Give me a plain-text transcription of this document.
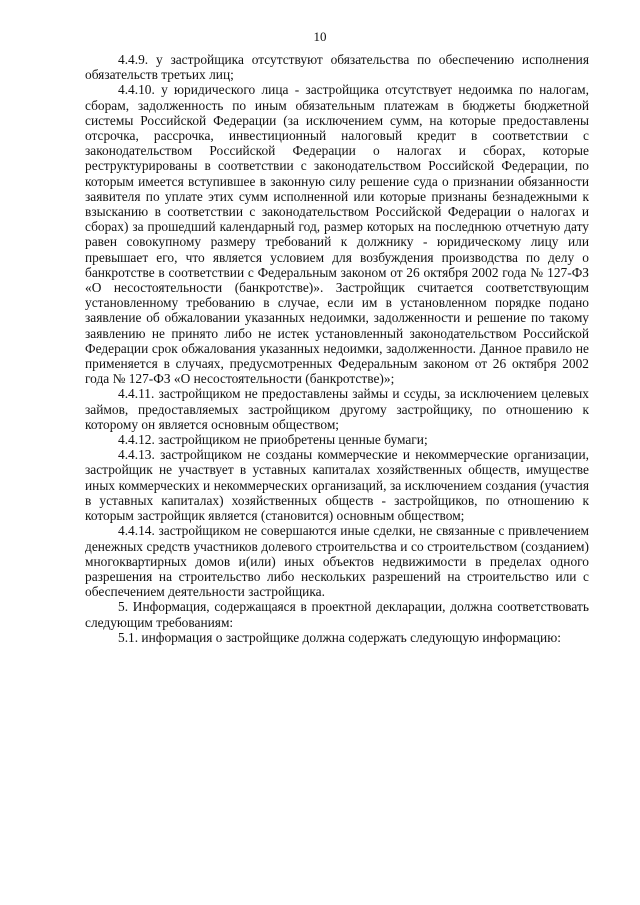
10

4.4.9. у застройщика отсутствуют обязательства по обеспечению исполнения обязательств третьих лиц;

4.4.10. у юридического лица - застройщика отсутствует недоимка по налогам, сборам, задолженность по иным обязательным платежам в бюджеты бюджетной системы Российской Федерации (за исключением сумм, на которые предоставлены отсрочка, рассрочка, инвестиционный налоговый кредит в соответствии с законодательством Российской Федерации о налогах и сборах, которые реструктурированы в соответствии с законодательством Российской Федерации, по которым имеется вступившее в законную силу решение суда о признании обязанности заявителя по уплате этих сумм исполненной или которые признаны безнадежными к взысканию в соответствии с законодательством Российской Федерации о налогах и сборах) за прошедший календарный год, размер которых на последнюю отчетную дату равен совокупному размеру требований к должнику - юридическому лицу или превышает его, что является условием для возбуждения производства по делу о банкротстве в соответствии с Федеральным законом от 26 октября 2002 года № 127-ФЗ «О несостоятельности (банкротстве)». Застройщик считается соответствующим установленному требованию в случае, если им в установленном порядке подано заявление об обжаловании указанных недоимки, задолженности и решение по такому заявлению не принято либо не истек установленный законодательством Российской Федерации срок обжалования указанных недоимки, задолженности. Данное правило не применяется в случаях, предусмотренных Федеральным законом от 26 октября 2002 года № 127-ФЗ «О несостоятельности (банкротстве)»;

4.4.11. застройщиком не предоставлены займы и ссуды, за исключением целевых займов, предоставляемых застройщиком другому застройщику, по отношению к которому он является основным обществом;

4.4.12. застройщиком не приобретены ценные бумаги;

4.4.13. застройщиком не созданы коммерческие и некоммерческие организации, застройщик не участвует в уставных капиталах хозяйственных обществ, имуществе иных коммерческих и некоммерческих организаций, за исключением создания (участия в уставных капиталах) хозяйственных обществ - застройщиков, по отношению к которым застройщик является (становится) основным обществом;

4.4.14. застройщиком не совершаются иные сделки, не связанные с привлечением денежных средств участников долевого строительства и со строительством (созданием) многоквартирных домов и(или) иных объектов недвижимости в пределах одного разрешения на строительство либо нескольких разрешений на строительство или с обеспечением деятельности застройщика.

5. Информация, содержащаяся в проектной декларации, должна соответствовать следующим требованиям:

5.1. информация о застройщике должна содержать следующую информацию:
